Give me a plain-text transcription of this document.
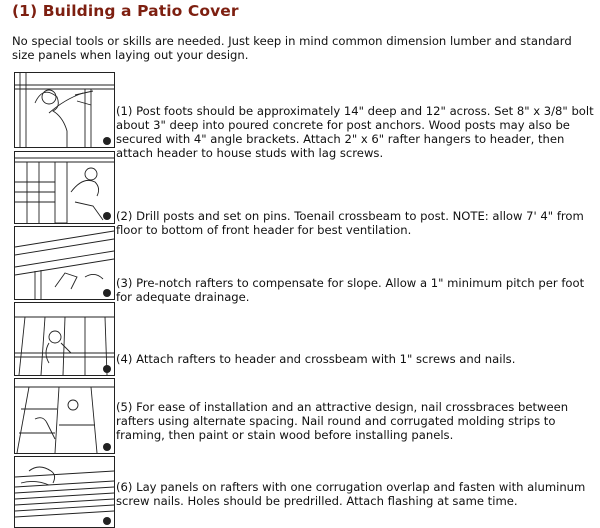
(1) Building a Patio Cover
No special tools or skills are needed. Just keep in mind common dimension lumber and standard size panels when laying out your design.
(1) Post foots should be approximately 14" deep and 12" across. Set 8" x 3/8" bolt about 3" deep into poured concrete for post anchors. Wood posts may also be secured with 4" angle brackets. Attach 2" x 6" rafter hangers to header, then attach header to house studs with lag screws.
(2) Drill posts and set on pins. Toenail crossbeam to post. NOTE: allow 7' 4" from floor to bottom of front header for best ventilation.
(3) Pre-notch rafters to compensate for slope. Allow a 1" minimum pitch per foot for adequate drainage.
(4) Attach rafters to header and crossbeam with 1" screws and nails.
(5) For ease of installation and an attractive design, nail crossbraces between rafters using alternate spacing. Nail round and corrugated molding strips to framing, then paint or stain wood before installing panels.
(6) Lay panels on rafters with one corrugation overlap and fasten with aluminum screw nails. Holes should be predrilled. Attach flashing at same time.
